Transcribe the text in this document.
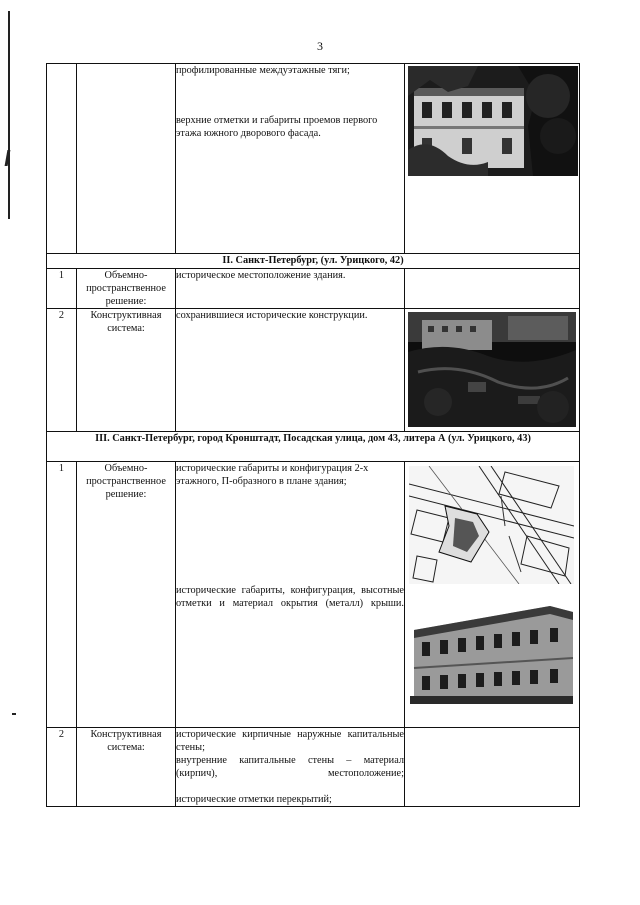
3

		профилированные междуэтажные тяги;

верхние отметки и габариты проемов первого этажа южного дворового фасада.

II. Санкт-Петербург, (ул. Урицкого, 42)			
1	Объемно-пространственное решение:	историческое местоположение здания.	
2	Конструктивная система:	сохранившиеся исторические конструкции.	

III. Санкт-Петербург, город Кронштадт, Посадская улица, дом 43, литера А (ул. Урицкого, 43)			
1	Объемно-пространственное решение:	исторические габариты и конфигурация 2-х этажного, П-образного в плане здания;

исторические габариты, конфигурация, высотные отметки и материал окрытия (металл) крыши.

2	Конструктивная система:	исторические кирпичные наружные капитальные стены;

внутренние капитальные стены – материал (кирпич), местоположение;

исторические отметки перекрытий;	
